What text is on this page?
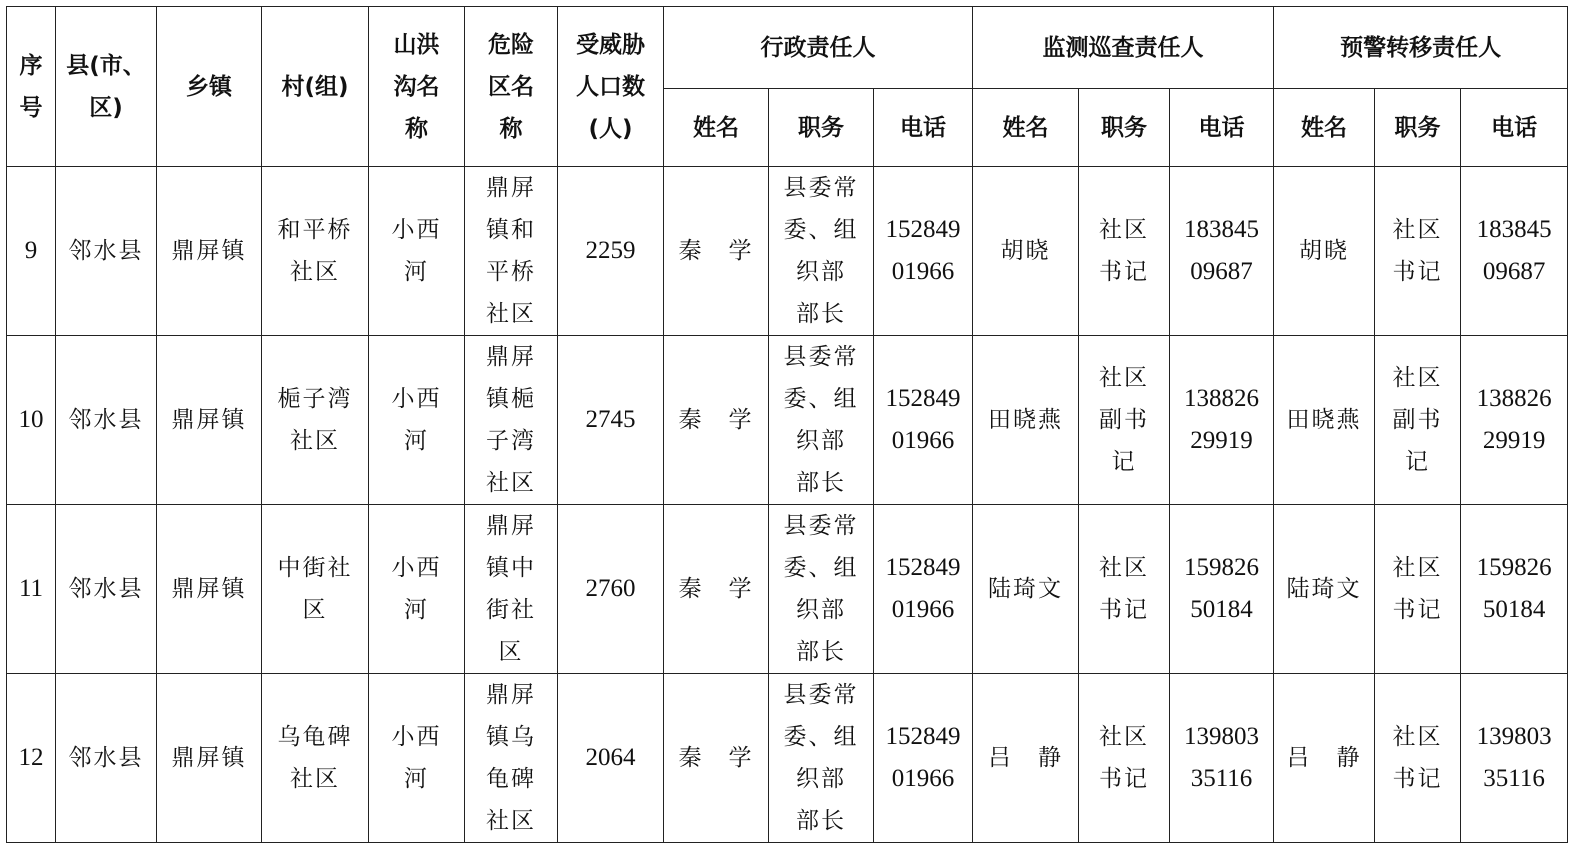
序
号	县(市、
区)	乡镇	村(组)	山洪
沟名
称	危险
区名
称	受威胁
人口数
(人)	行政责任人			监测巡查责任人			预警转移责任人		
							姓名	职务	电话	姓名	职务	电话	姓名	职务	电话
9	邻水县	鼎屏镇	和平桥
社区	小西
河	鼎屏
镇和
平桥
社区	2259	秦　学	县委常
委、组
织部
部长	152849
01966	胡晓	社区
书记	183845
09687	胡晓	社区
书记	183845
09687
10	邻水县	鼎屏镇	梔子湾
社区	小西
河	鼎屏
镇梔
子湾
社区	2745	秦　学	县委常
委、组
织部
部长	152849
01966	田晓燕	社区
副书
记	138826
29919	田晓燕	社区
副书
记	138826
29919
11	邻水县	鼎屏镇	中街社
区	小西
河	鼎屏
镇中
街社
区	2760	秦　学	县委常
委、组
织部
部长	152849
01966	陆琦文	社区
书记	159826
50184	陆琦文	社区
书记	159826
50184
12	邻水县	鼎屏镇	乌龟碑
社区	小西
河	鼎屏
镇乌
龟碑
社区	2064	秦　学	县委常
委、组
织部
部长	152849
01966	吕　静	社区
书记	139803
35116	吕　静	社区
书记	139803
35116
